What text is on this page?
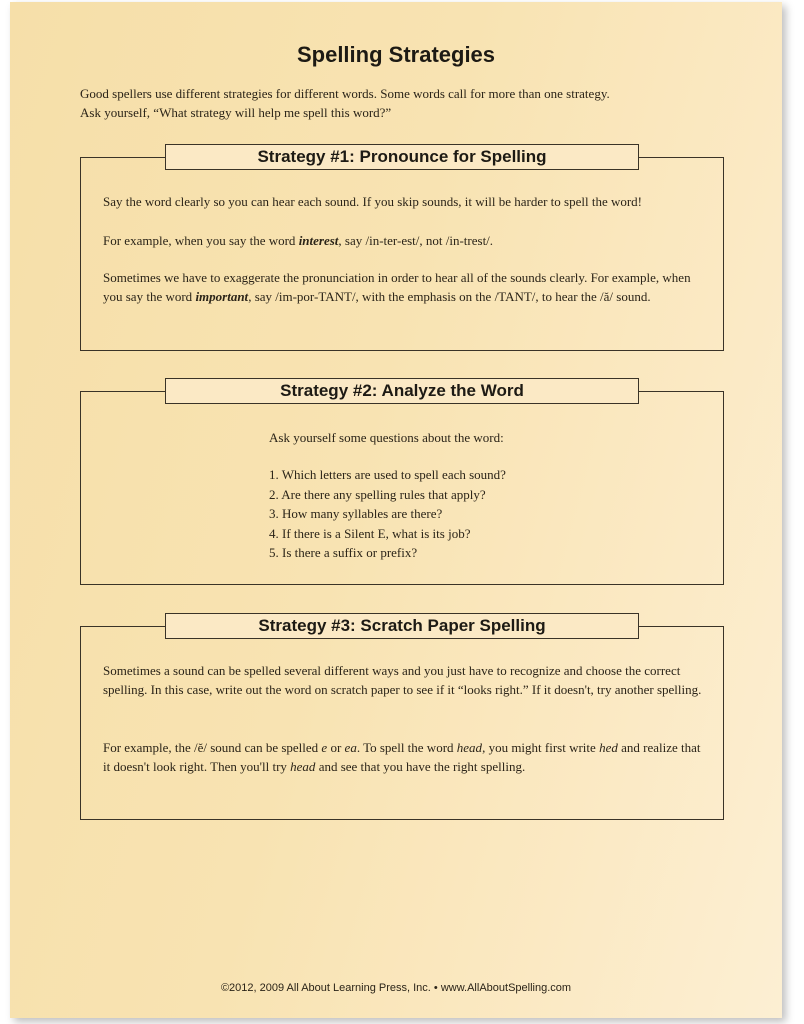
Spelling Strategies
Good spellers use different strategies for different words. Some words call for more than one strategy.
Ask yourself, “What strategy will help me spell this word?”
Strategy #1: Pronounce for Spelling

Say the word clearly so you can hear each sound. If you skip sounds, it will be harder to spell the word!

For example, when you say the word interest, say /in-ter-est/, not /in-trest/.

Sometimes we have to exaggerate the pronunciation in order to hear all of the sounds clearly. For example, when you say the word important, say /im-por-TANT/, with the emphasis on the /TANT/, to hear the /ă/ sound.

Strategy #2: Analyze the Word
Ask yourself some questions about the word:
1. Which letters are used to spell each sound?
2. Are there any spelling rules that apply?
3. How many syllables are there?
4. If there is a Silent E, what is its job?
5. Is there a suffix or prefix?
Strategy #3: Scratch Paper Spelling

Sometimes a sound can be spelled several different ways and you just have to recognize and choose the correct spelling. In this case, write out the word on scratch paper to see if it “looks right.” If it doesn't, try another spelling.

For example, the /ĕ/ sound can be spelled e or ea. To spell the word head, you might first write hed and realize that it doesn't look right. Then you'll try head and see that you have the right spelling.

©2012, 2009 All About Learning Press, Inc. • www.AllAboutSpelling.com
